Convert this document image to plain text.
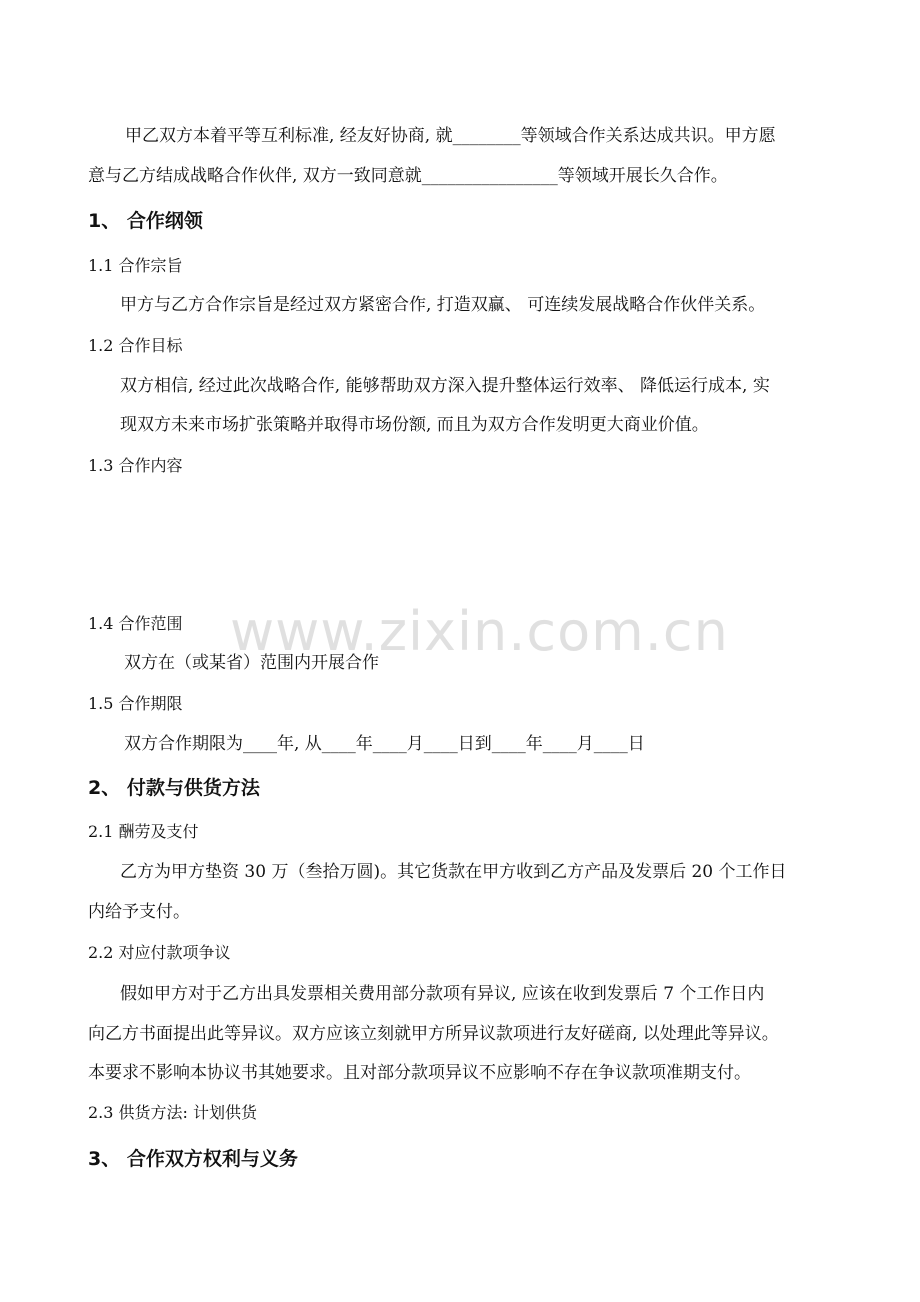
甲乙双方本着平等互利标准, 经友好协商, 就________等领域合作关系达成共识。甲方愿
意与乙方结成战略合作伙伴, 双方一致同意就________________等领域开展长久合作。
1、 合作纲领
1.1 合作宗旨
甲方与乙方合作宗旨是经过双方紧密合作, 打造双赢、 可连续发展战略合作伙伴关系。
1.2 合作目标
双方相信, 经过此次战略合作, 能够帮助双方深入提升整体运行效率、 降低运行成本, 实
现双方未来市场扩张策略并取得市场份额, 而且为双方合作发明更大商业价值。
1.3 合作内容
1.4 合作范围
双方在（或某省）范围内开展合作
1.5 合作期限
双方合作期限为____年, 从____年____月____日到____年____月____日
2、 付款与供货方法
2.1 酬劳及支付
乙方为甲方垫资 30 万（叁拾万圆)。其它货款在甲方收到乙方产品及发票后 20 个工作日
内给予支付。
2.2 对应付款项争议
假如甲方对于乙方出具发票相关费用部分款项有异议, 应该在收到发票后 7 个工作日内
向乙方书面提出此等异议。双方应该立刻就甲方所异议款项进行友好磋商, 以处理此等异议。
本要求不影响本协议书其她要求。且对部分款项异议不应影响不存在争议款项准期支付。
2.3 供货方法: 计划供货
3、 合作双方权利与义务
www.zixin.com.cn
